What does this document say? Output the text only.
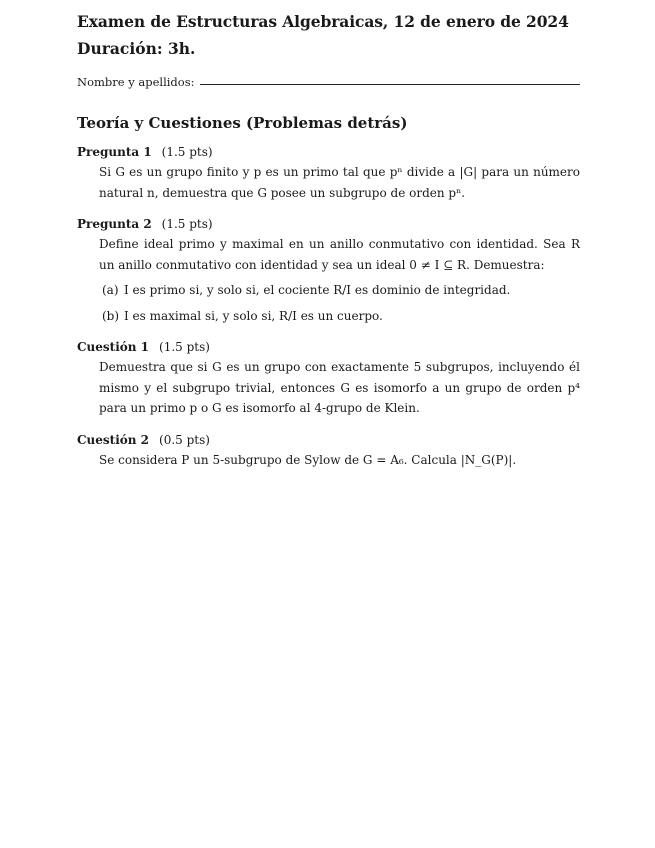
Examen de Estructuras Algebraicas, 12 de enero de 2024

Duración: 3h.

Nombre y apellidos:
Teoría y Cuestiones (Problemas detrás)
Pregunta 1 (1.5 pts)
Si G es un grupo finito y p es un primo tal que pⁿ divide a |G| para un número natural n, demuestra que G posee un subgrupo de orden pⁿ.
Pregunta 2 (1.5 pts)
Define ideal primo y maximal en un anillo conmutativo con identidad. Sea R un anillo conmutativo con identidad y sea un ideal 0 ≠ I ⊆ R. Demuestra:
(a) I es primo si, y solo si, el cociente R/I es dominio de integridad.
(b) I es maximal si, y solo si, R/I es un cuerpo.
Cuestión 1 (1.5 pts)
Demuestra que si G es un grupo con exactamente 5 subgrupos, incluyendo él mismo y el subgrupo trivial, entonces G es isomorfo a un grupo de orden p⁴ para un primo p o G es isomorfo al 4-grupo de Klein.
Cuestión 2 (0.5 pts)
Se considera P un 5-subgrupo de Sylow de G = A₆. Calcula |N_G(P)|.
